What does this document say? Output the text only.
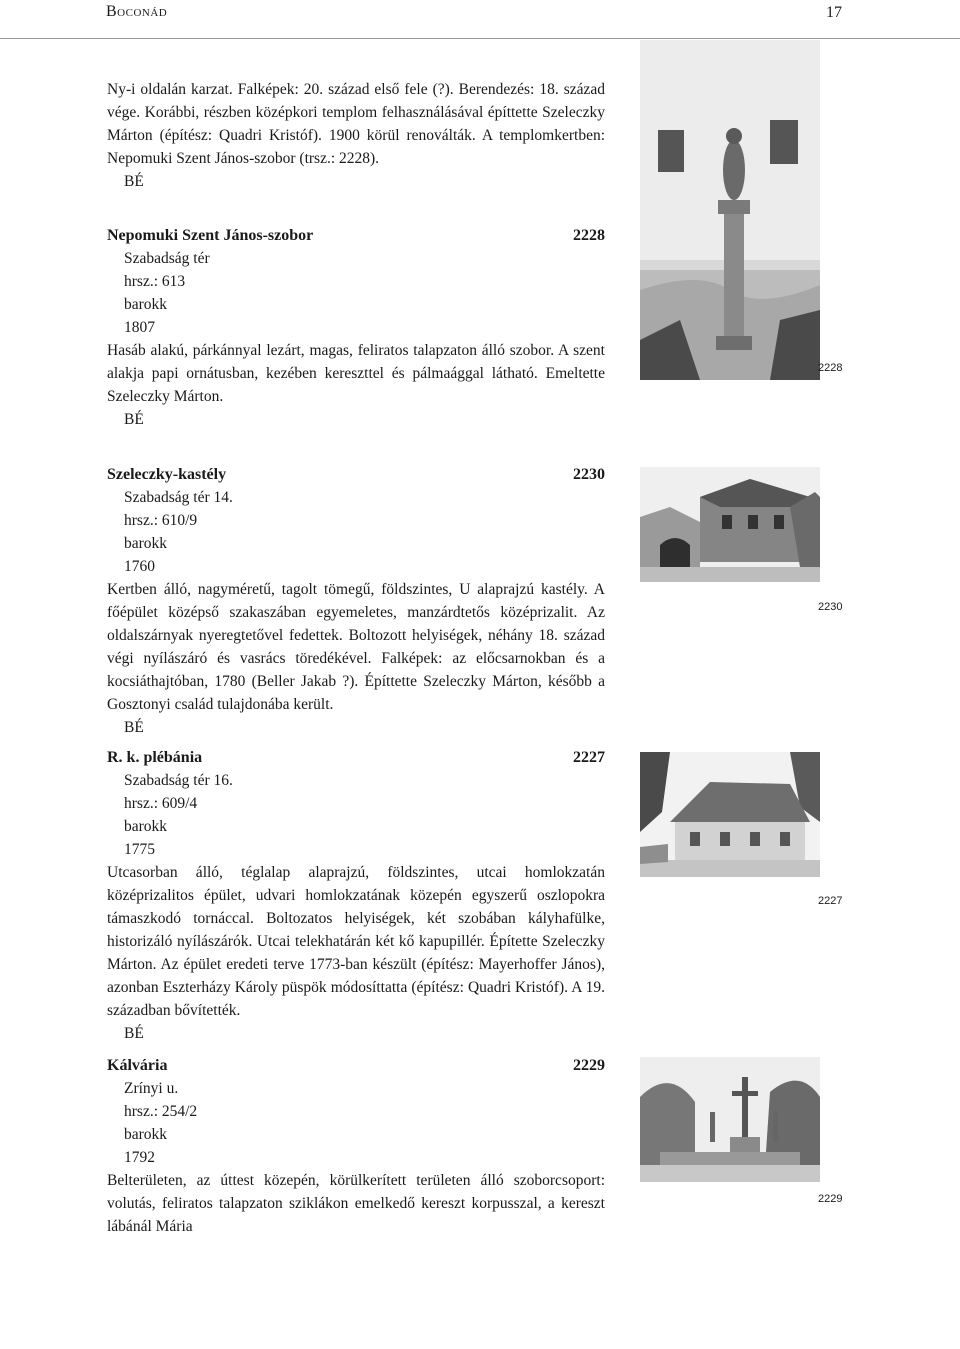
Boconád	17

Ny-i oldalán karzat. Falképek: 20. század első fele (?). Berendezés: 18. század vége. Korábbi, részben középkori templom felhasználásával építtette Szeleczky Márton (építész: Quadri Kristóf). 1900 körül renoválták. A templomkertben: Nepomuki Szent János-szobor (trsz.: 2228).

BÉ

Nepomuki Szent János-szobor	2228

Szabadság tér

hrsz.: 613

barokk

1807

Hasáb alakú, párkánnyal lezárt, magas, feliratos talapzaton álló szobor. A szent alakja papi ornátusban, kezében kereszttel és pálmaággal látható. Emeltette Szeleczky Márton.

BÉ

2228
Szeleczky-kastély	2230

Szabadság tér 14.

hrsz.: 610/9

barokk

1760

Kertben álló, nagyméretű, tagolt tömegű, földszintes, U alaprajzú kastély. A főépület középső szakaszában egyemeletes, manzárdtetős középrizalit. Az oldalszárnyak nyeregtetővel fedettek. Boltozott helyiségek, néhány 18. század végi nyílászáró és vasrács töredékével. Falképek: az előcsarnokban és a kocsiáthajtóban, 1780 (Beller Jakab ?). Építtette Szeleczky Márton, később a Gosztonyi család tulajdonába került.

BÉ

2230
R. k. plébánia	2227

Szabadság tér 16.

hrsz.: 609/4

barokk

1775

Utcasorban álló, téglalap alaprajzú, földszintes, utcai homlokzatán középrizalitos épület, udvari homlokzatának közepén egyszerű oszlopokra támaszkodó tornáccal. Boltozatos helyiségek, két szobában kályhafülke, historizáló nyílászárók. Utcai telekhatárán két kő kapupillér. Építette Szeleczky Márton. Az épület eredeti terve 1773-ban készült (építész: Mayerhoffer János), azonban Eszterházy Károly püspök módosíttatta (építész: Quadri Kristóf). A 19. században bővítették.

BÉ

2227
Kálvária	2229

Zrínyi u.

hrsz.: 254/2

barokk

1792

Belterületen, az úttest közepén, körülkerített területen álló szoborcsoport: volutás, feliratos talapzaton sziklákon emelkedő kereszt korpusszal, a kereszt lábánál Mária

2229
